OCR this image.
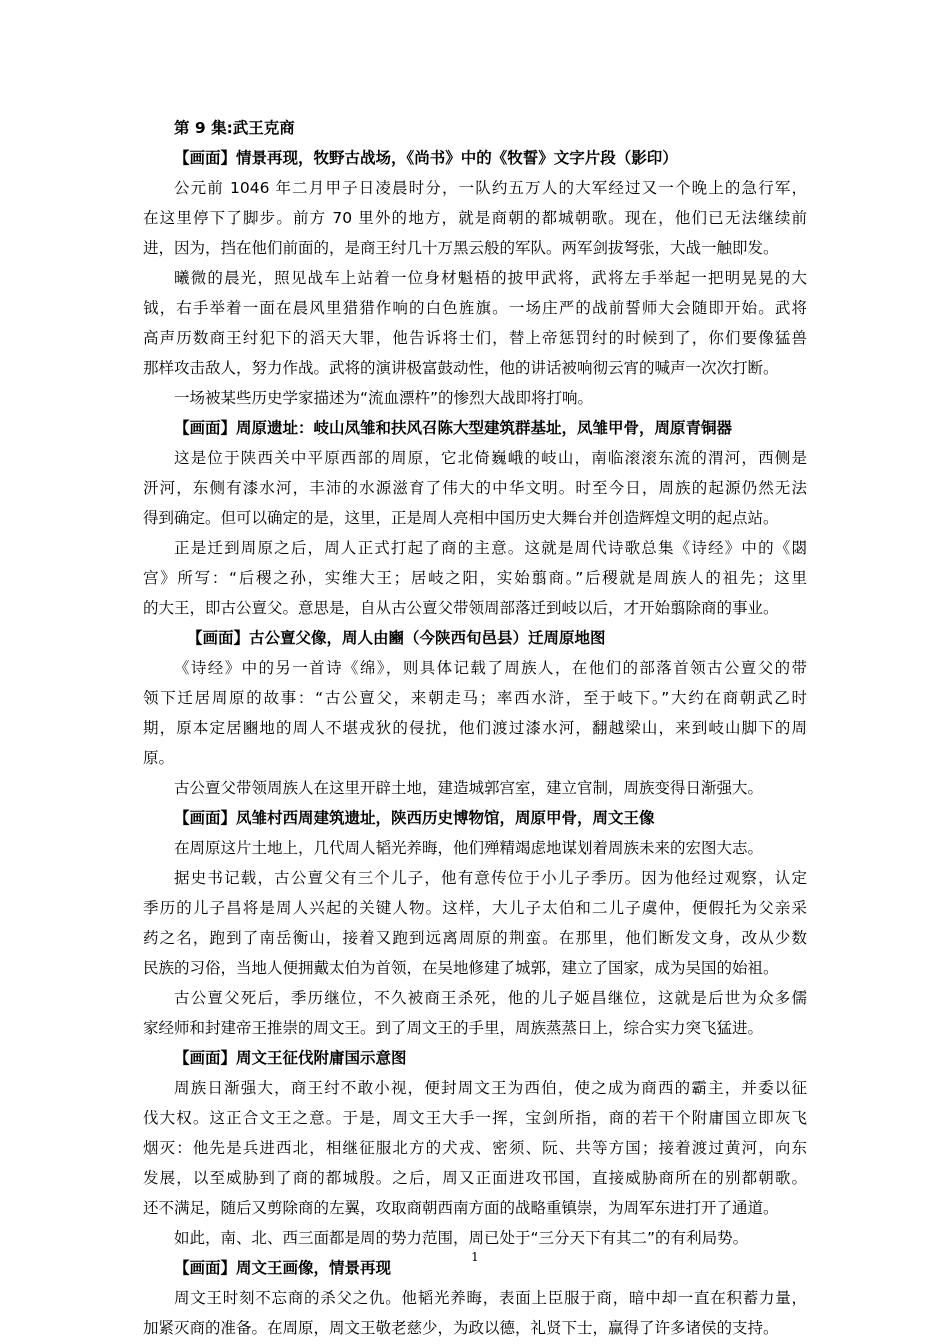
第 9 集:武王克商
【画面】情景再现，牧野古战场，《尚书》中的《牧誓》文字片段（影印）
公元前 1046 年二月甲子日凌晨时分，一队约五万人的大军经过又一个晚上的急行军，
在这里停下了脚步。前方 70 里外的地方，就是商朝的都城朝歌。现在，他们已无法继续前
进，因为，挡在他们前面的，是商王纣几十万黑云般的军队。两军剑拔弩张，大战一触即发。
曦微的晨光，照见战车上站着一位身材魁梧的披甲武将，武将左手举起一把明晃晃的大
钺，右手举着一面在晨风里猎猎作响的白色旌旗。一场庄严的战前誓师大会随即开始。武将
高声历数商王纣犯下的滔天大罪，他告诉将士们，替上帝惩罚纣的时候到了，你们要像猛兽
那样攻击敌人，努力作战。武将的演讲极富鼓动性，他的讲话被响彻云宵的喊声一次次打断。
一场被某些历史学家描述为“流血漂杵”的惨烈大战即将打响。
【画面】周原遗址：岐山凤雏和扶风召陈大型建筑群基址，凤雏甲骨，周原青铜器
这是位于陕西关中平原西部的周原，它北倚巍峨的岐山，南临滚滚东流的渭河，西侧是
汧河，东侧有漆水河，丰沛的水源滋育了伟大的中华文明。时至今日，周族的起源仍然无法
得到确定。但可以确定的是，这里，正是周人亮相中国历史大舞台并创造辉煌文明的起点站。
正是迁到周原之后，周人正式打起了商的主意。这就是周代诗歌总集《诗经》中的《閟
宫》所写：“后稷之孙，实维大王；居岐之阳，实始翦商。”后稷就是周族人的祖先；这里
的大王，即古公亶父。意思是，自从古公亶父带领周部落迁到岐以后，才开始翦除商的事业。
【画面】古公亶父像，周人由豳（今陕西旬邑县）迁周原地图
《诗经》中的另一首诗《绵》，则具体记载了周族人，在他们的部落首领古公亶父的带
领下迁居周原的故事：“古公亶父，来朝走马；率西水浒，至于岐下。”大约在商朝武乙时
期，原本定居豳地的周人不堪戎狄的侵扰，他们渡过漆水河，翻越梁山，来到岐山脚下的周
原。
古公亶父带领周族人在这里开辟土地，建造城郭宫室，建立官制，周族变得日渐强大。
【画面】凤雏村西周建筑遗址，陕西历史博物馆，周原甲骨，周文王像
在周原这片土地上，几代周人韬光养晦，他们殚精竭虑地谋划着周族未来的宏图大志。
据史书记载，古公亶父有三个儿子，他有意传位于小儿子季历。因为他经过观察，认定
季历的儿子昌将是周人兴起的关键人物。这样，大儿子太伯和二儿子虞仲，便假托为父亲采
药之名，跑到了南岳衡山，接着又跑到远离周原的荆蛮。在那里，他们断发文身，改从少数
民族的习俗，当地人便拥戴太伯为首领，在吴地修建了城郭，建立了国家，成为吴国的始祖。
古公亶父死后，季历继位，不久被商王杀死，他的儿子姬昌继位，这就是后世为众多儒
家经师和封建帝王推崇的周文王。到了周文王的手里，周族蒸蒸日上，综合实力突飞猛进。
【画面】周文王征伐附庸国示意图
周族日渐强大，商王纣不敢小视，便封周文王为西伯，使之成为商西的霸主，并委以征
伐大权。这正合文王之意。于是，周文王大手一挥，宝剑所指，商的若干个附庸国立即灰飞
烟灭：他先是兵进西北，相继征服北方的犬戎、密须、阮、共等方国；接着渡过黄河，向东
发展，以至威胁到了商的都城殷。之后，周又正面进攻邗国，直接威胁商所在的别都朝歌。
还不满足，随后又剪除商的左翼，攻取商朝西南方面的战略重镇崇，为周军东进打开了通道。
如此，南、北、西三面都是周的势力范围，周已处于“三分天下有其二”的有利局势。
【画面】周文王画像，情景再现
周文王时刻不忘商的杀父之仇。他韬光养晦，表面上臣服于商，暗中却一直在积蓄力量，
加紧灭商的准备。在周原，周文王敬老慈少，为政以德，礼贤下士，赢得了许多诸侯的支持。
1
